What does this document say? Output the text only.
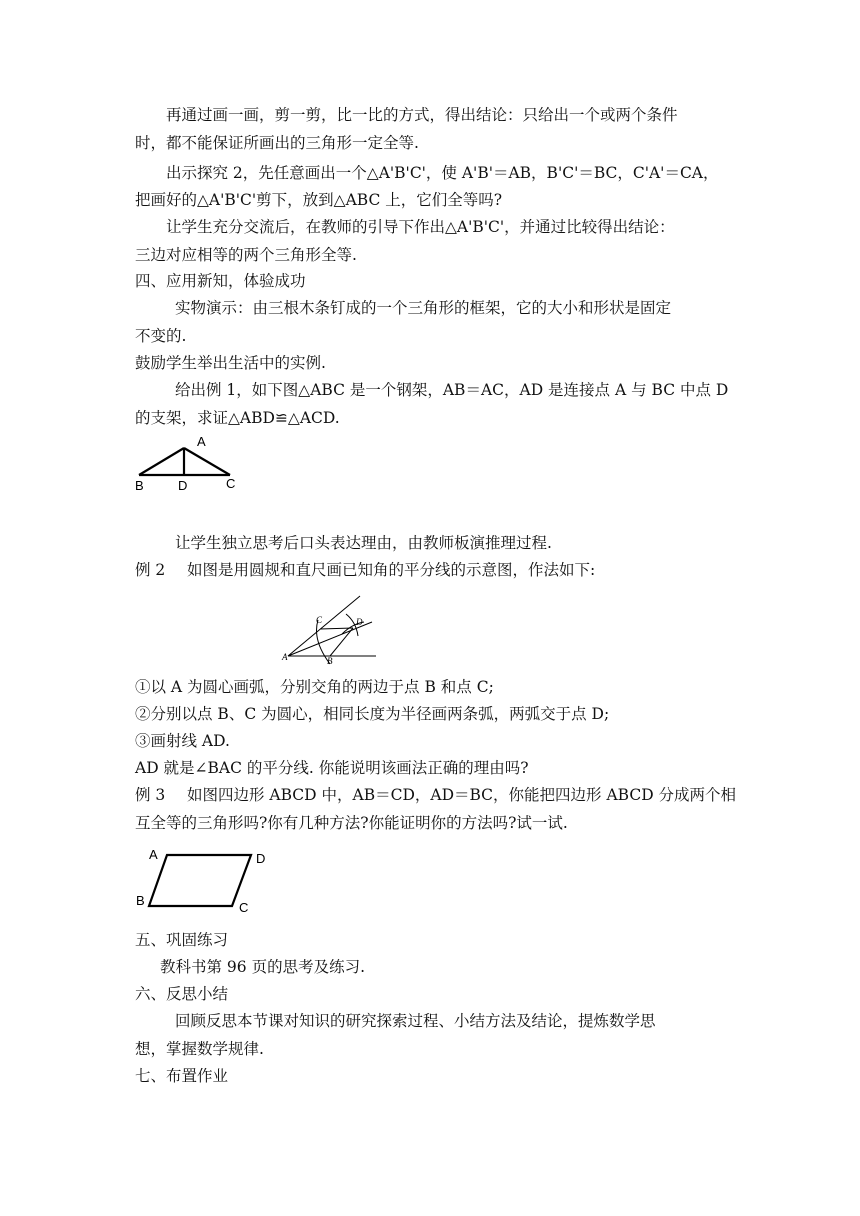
再通过画一画，剪一剪，比一比的方式，得出结论：只给出一个或两个条件
时，都不能保证所画出的三角形一定全等.
出示探究 2，先任意画出一个△A'B'C'，使 A'B'＝AB，B'C'＝BC，C'A'＝CA，
把画好的△A'B'C'剪下，放到△ABC 上，它们全等吗?
让学生充分交流后，在教师的引导下作出△A'B'C'，并通过比较得出结论：
三边对应相等的两个三角形全等.
四、应用新知，体验成功
实物演示：由三根木条钉成的一个三角形的框架，它的大小和形状是固定
不变的.
鼓励学生举出生活中的实例.
给出例 1，如下图△ABC 是一个钢架，AB＝AC，AD 是连接点 A 与 BC 中点 D
的支架，求证△ABD≌△ACD.
A
B	D	C
A	B
C	D
A	D
B	C
让学生独立思考后口头表达理由，由教师板演推理过程.
例 2 如图是用圆规和直尺画已知角的平分线的示意图，作法如下:
①以 A 为圆心画弧，分别交角的两边于点 B 和点 C;
②分别以点 B、C 为圆心，相同长度为半径画两条弧，两弧交于点 D;
③画射线 AD.
AD 就是∠BAC 的平分线. 你能说明该画法正确的理由吗?
例 3 如图四边形 ABCD 中，AB＝CD，AD＝BC，你能把四边形 ABCD 分成两个相
互全等的三角形吗?你有几种方法?你能证明你的方法吗?试一试.
五、巩固练习
教科书第 96 页的思考及练习.
六、反思小结
回顾反思本节课对知识的研究探索过程、小结方法及结论，提炼数学思
想，掌握数学规律.
七、布置作业
